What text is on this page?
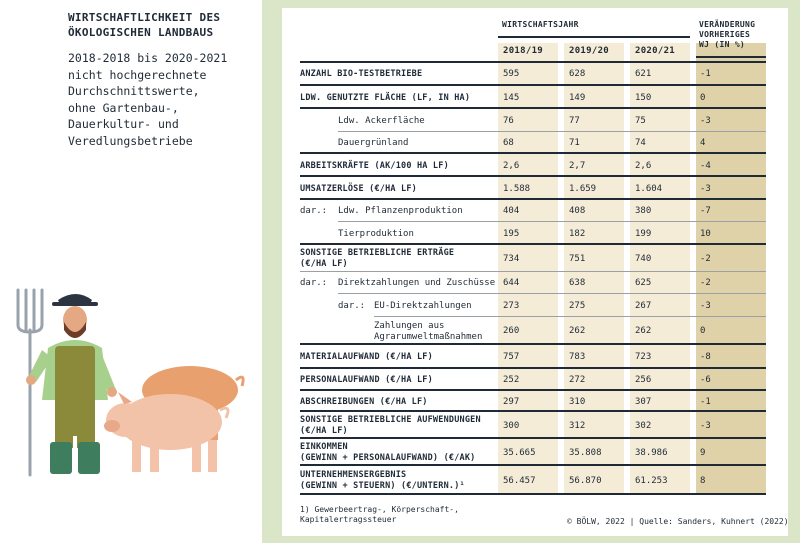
WIRTSCHAFTLICHKEIT DES
ÖKOLOGISCHEN LANDBAUS
2018-2018 bis 2020-2021
nicht hochgerechnete
Durchschnittswerte,
ohne Gartenbau-,
Dauerkultur- und
Veredlungsbetriebe
WIRTSCHAFTSJAHR	VERÄNDERUNG
VORHERIGES
WJ (IN %)
2018/19	2019/20	2020/21
ANZAHL BIO-TESTBETRIEBE	595	628	621	-1
LDW. GENUTZTE FLÄCHE (LF, IN HA)	145	149	150	0
Ldw. Ackerfläche	76	77	75	-3
Dauergrünland	68	71	74	4
ARBEITSKRÄFTE (AK/100 HA LF)	2,6	2,7	2,6	-4
UMSATZERLÖSE (€/HA LF)	1.588	1.659	1.604	-3
dar.: Ldw. Pflanzenproduktion	404	408	380	-7
Tierproduktion	195	182	199	10
SONSTIGE BETRIEBLICHE ERTRÄGE
(€/HA LF)
734	751	740	-2
dar.: Direktzahlungen und Zuschüsse 644	638	625	-2
dar.: EU-Direktzahlungen	273	275	267	-3
Zahlungen aus
Agrarumweltmaßnahmen
260	262	262	0
MATERIALAUFWAND (€/HA LF)	757	783	723	-8
PERSONALAUFWAND (€/HA LF)	252	272	256	-6
ABSCHREIBUNGEN (€/HA LF)	297	310	307	-1
SONSTIGE BETRIEBLICHE AUFWENDUNGEN
(€/HA LF)
300	312	302	-3
EINKOMMEN
(GEWINN + PERSONALAUFWAND) (€/AK)
35.665	35.808	38.986	9
UNTERNEHMENSERGEBNIS
(GEWINN + STEUERN) (€/UNTERN.)¹
56.457	56.870	61.253	8
1) Gewerbeertrag-, Körperschaft-,
Kapitalertragssteuer	© BÖLW, 2022 | Quelle: Sanders, Kuhnert (2022)
